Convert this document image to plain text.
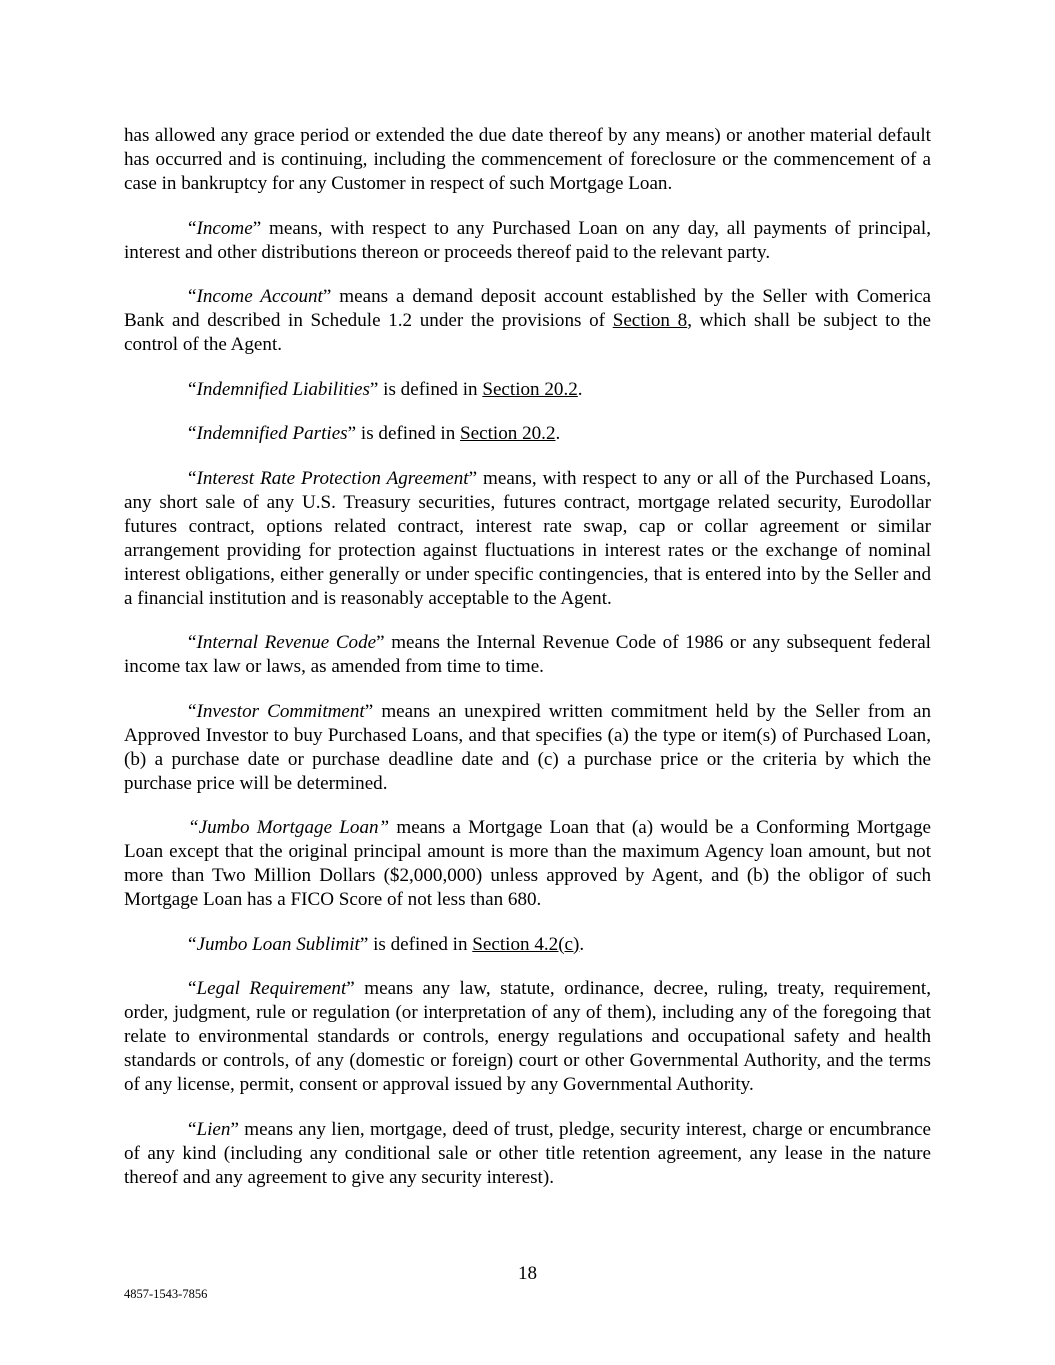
has allowed any grace period or extended the due date thereof by any means) or another material default has occurred and is continuing, including the commencement of foreclosure or the commencement of a case in bankruptcy for any Customer in respect of such Mortgage Loan.

“Income” means, with respect to any Purchased Loan on any day, all payments of principal, interest and other distributions thereon or proceeds thereof paid to the relevant party.

“Income Account” means a demand deposit account established by the Seller with Comerica Bank and described in Schedule 1.2 under the provisions of Section 8, which shall be subject to the control of the Agent.

“Indemnified Liabilities” is defined in Section 20.2.

“Indemnified Parties” is defined in Section 20.2.

“Interest Rate Protection Agreement” means, with respect to any or all of the Purchased Loans, any short sale of any U.S. Treasury securities, futures contract, mortgage related security, Eurodollar futures contract, options related contract, interest rate swap, cap or collar agreement or similar arrangement providing for protection against fluctuations in interest rates or the exchange of nominal interest obligations, either generally or under specific contingencies, that is entered into by the Seller and a financial institution and is reasonably acceptable to the Agent.

“Internal Revenue Code” means the Internal Revenue Code of 1986 or any subsequent federal income tax law or laws, as amended from time to time.

“Investor Commitment” means an unexpired written commitment held by the Seller from an Approved Investor to buy Purchased Loans, and that specifies (a) the type or item(s) of Purchased Loan, (b) a purchase date or purchase deadline date and (c) a purchase price or the criteria by which the purchase price will be determined.

“Jumbo Mortgage Loan” means a Mortgage Loan that (a) would be a Conforming Mortgage Loan except that the original principal amount is more than the maximum Agency loan amount, but not more than Two Million Dollars ($2,000,000) unless approved by Agent, and (b) the obligor of such Mortgage Loan has a FICO Score of not less than 680.

“Jumbo Loan Sublimit” is defined in Section 4.2(c).

“Legal Requirement” means any law, statute, ordinance, decree, ruling, treaty, requirement, order, judgment, rule or regulation (or interpretation of any of them), including any of the foregoing that relate to environmental standards or controls, energy regulations and occupational safety and health standards or controls, of any (domestic or foreign) court or other Governmental Authority, and the terms of any license, permit, consent or approval issued by any Governmental Authority.

“Lien” means any lien, mortgage, deed of trust, pledge, security interest, charge or encumbrance of any kind (including any conditional sale or other title retention agreement, any lease in the nature thereof and any agreement to give any security interest).

18
4857-1543-7856
